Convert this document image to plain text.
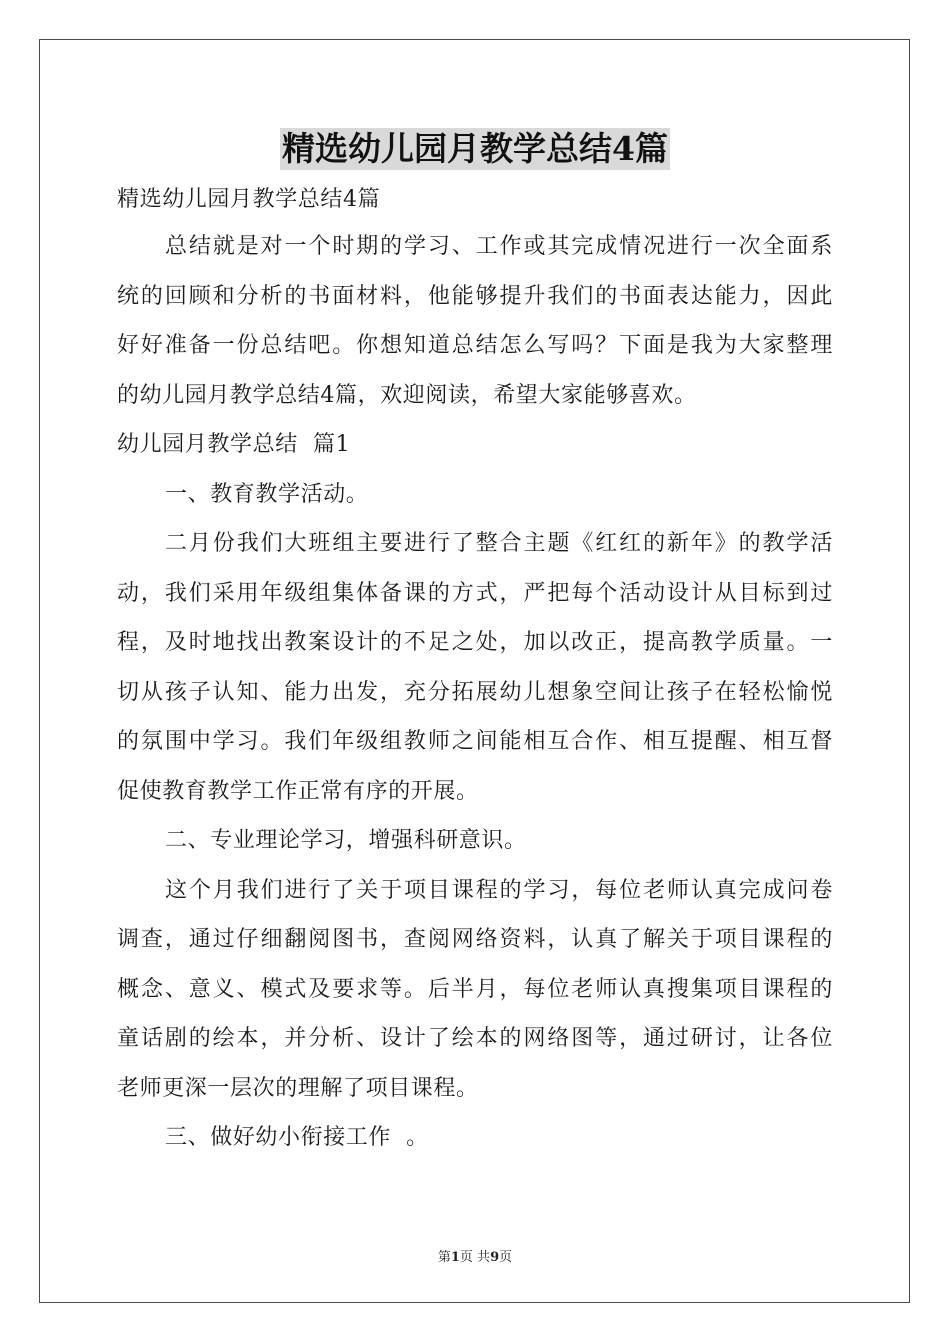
精选幼儿园月教学总结4篇
精选幼儿园月教学总结4篇
总结就是对一个时期的学习、工作或其完成情况进行一次全面系
统的回顾和分析的书面材料，他能够提升我们的书面表达能力，因此
好好准备一份总结吧。你想知道总结怎么写吗？下面是我为大家整理
的幼儿园月教学总结4篇，欢迎阅读，希望大家能够喜欢。
幼儿园月教学总结  篇1
一、教育教学活动。
二月份我们大班组主要进行了整合主题《红红的新年》的教学活
动，我们采用年级组集体备课的方式，严把每个活动设计从目标到过
程，及时地找出教案设计的不足之处，加以改正，提高教学质量。一
切从孩子认知、能力出发，充分拓展幼儿想象空间让孩子在轻松愉悦
的氛围中学习。我们年级组教师之间能相互合作、相互提醒、相互督
促使教育教学工作正常有序的开展。
二、专业理论学习，增强科研意识。
这个月我们进行了关于项目课程的学习，每位老师认真完成问卷
调查，通过仔细翻阅图书，查阅网络资料，认真了解关于项目课程的
概念、意义、模式及要求等。后半月，每位老师认真搜集项目课程的
童话剧的绘本，并分析、设计了绘本的网络图等，通过研讨，让各位
老师更深一层次的理解了项目课程。
三、做好幼小衔接工作  。
第1页 共9页
